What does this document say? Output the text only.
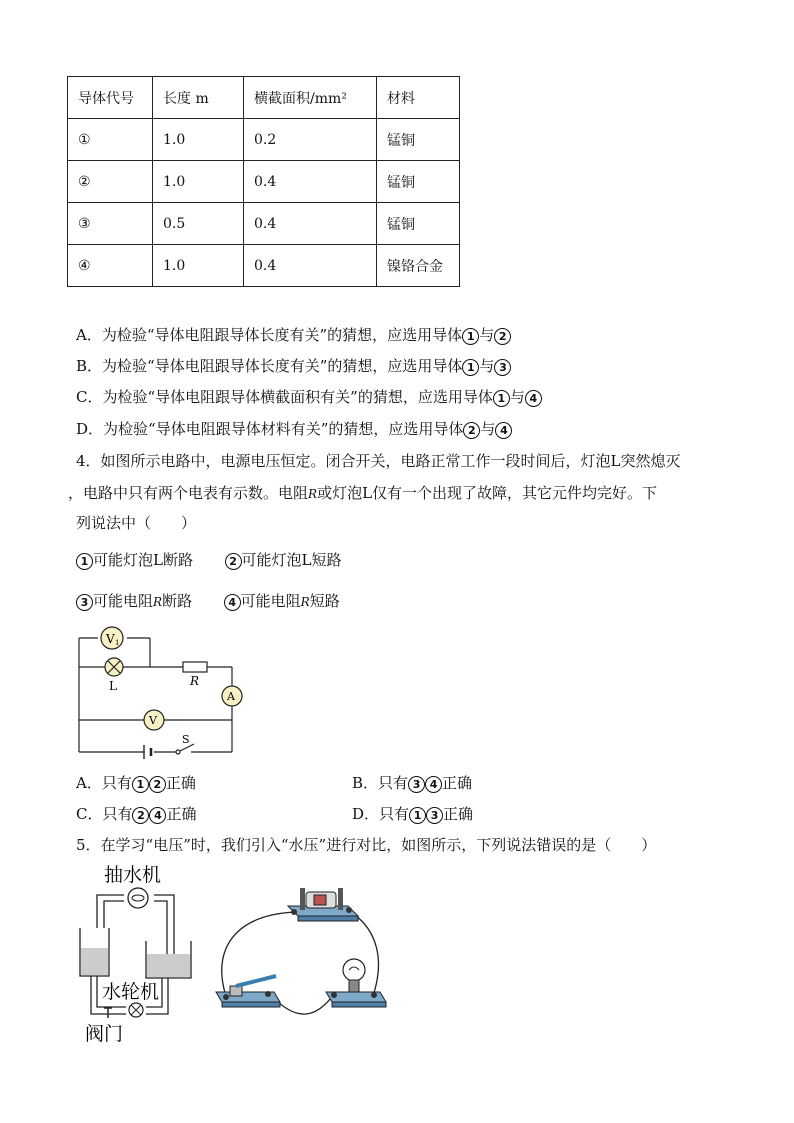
导体代号	长度 m	横截面积/mm²	材料
①	1.0	0.2	锰铜
②	1.0	0.4	锰铜
③	0.5	0.4	锰铜
④	1.0	0.4	镍铬合金
A．为检验“导体电阻跟导体长度有关”的猜想，应选用导体 1 与 2
B．为检验“导体电阻跟导体长度有关”的猜想，应选用导体 1 与 3
C．为检验“导体电阻跟导体横截面积有关”的猜想，应选用导体 1 与 4
D．为检验“导体电阻跟导体材料有关”的猜想，应选用导体 2 与 4
4．如图所示电路中，电源电压恒定。闭合开关，电路正常工作一段时间后，灯泡L突然熄灭
，电路中只有两个电表有示数。电阻R或灯泡L仅有一个出现了故障，其它元件均完好。下
列说法中（　　）
1 可能灯泡L断路	2 可能灯泡L短路
3 可能电阻R断路	4 可能电阻R短路
V 1
L	R
A
V
S
A．只有 1 2 正确	B．只有 3 4 正确
C．只有 2 4 正确	D．只有 1 3 正确
5．在学习“电压”时，我们引入“水压”进行对比，如图所示，下列说法错误的是（　　）
抽水机
水轮机
阀门
